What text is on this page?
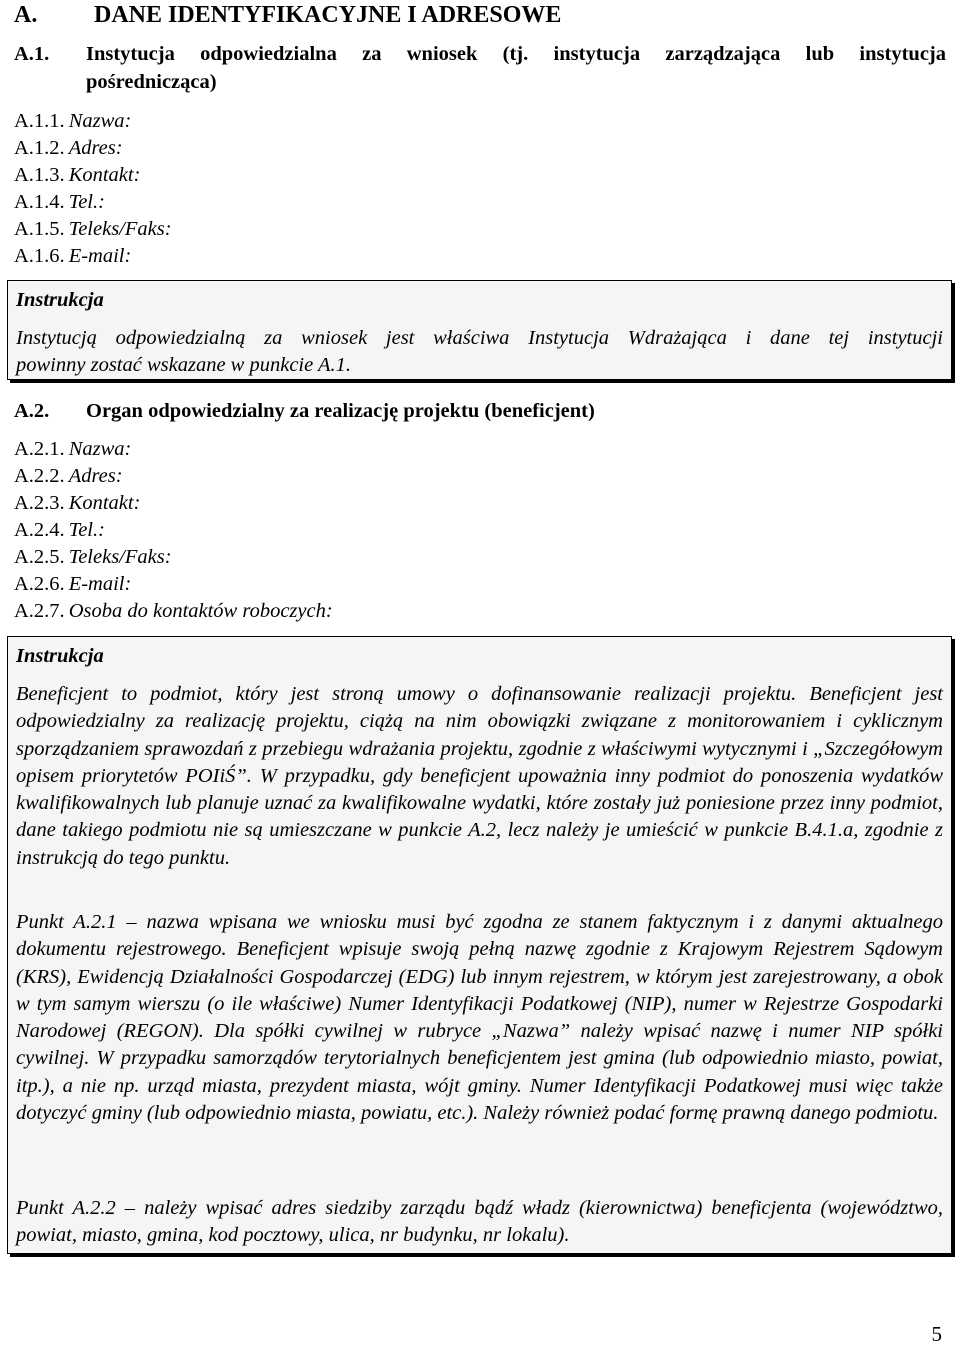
A. DANE IDENTYFIKACYJNE I ADRESOWE
A.1. Instytucja odpowiedzialna za wniosek (tj. instytucja zarządzająca lub instytucja
pośrednicząca)
A.1.1. Nazwa:
A.1.2. Adres:
A.1.3. Kontakt:
A.1.4. Tel.:
A.1.5. Teleks/Faks:
A.1.6. E-mail:
Instrukcja
Instytucją odpowiedzialną za wniosek jest właściwa Instytucja Wdrażająca i dane tej instytucji
powinny zostać wskazane w punkcie A.1.
A.2. Organ odpowiedzialny za realizację projektu (beneficjent)
A.2.1. Nazwa:
A.2.2. Adres:
A.2.3. Kontakt:
A.2.4. Tel.:
A.2.5. Teleks/Faks:
A.2.6. E-mail:
A.2.7. Osoba do kontaktów roboczych:
Instrukcja
Beneficjent to podmiot, który jest stroną umowy o dofinansowanie realizacji projektu. Beneficjent jest odpowiedzialny za realizację projektu, ciążą na nim obowiązki związane z monitorowaniem i cyklicznym sporządzaniem sprawozdań z przebiegu wdrażania projektu, zgodnie z właściwymi wytycznymi i „Szczegółowym opisem priorytetów POIiŚ”. W przypadku, gdy beneficjent upoważnia inny podmiot do ponoszenia wydatków kwalifikowalnych lub planuje uznać za kwalifikowalne wydatki, które zostały już poniesione przez inny podmiot, dane takiego podmiotu nie są umieszczane w punkcie A.2, lecz należy je umieścić w punkcie B.4.1.a, zgodnie z instrukcją do tego punktu.
Punkt A.2.1 – nazwa wpisana we wniosku musi być zgodna ze stanem faktycznym i z danymi aktualnego dokumentu rejestrowego. Beneficjent wpisuje swoją pełną nazwę zgodnie z Krajowym Rejestrem Sądowym (KRS), Ewidencją Działalności Gospodarczej (EDG) lub innym rejestrem, w którym jest zarejestrowany, a obok w tym samym wierszu (o ile właściwe) Numer Identyfikacji Podatkowej (NIP), numer w Rejestrze Gospodarki Narodowej (REGON). Dla spółki cywilnej w rubryce „Nazwa” należy wpisać nazwę i numer NIP spółki cywilnej. W przypadku samorządów terytorialnych beneficjentem jest gmina (lub odpowiednio miasto, powiat, itp.), a nie np. urząd miasta, prezydent miasta, wójt gminy. Numer Identyfikacji Podatkowej musi więc także dotyczyć gminy (lub odpowiednio miasta, powiatu, etc.). Należy również podać formę prawną danego podmiotu.
Punkt A.2.2 – należy wpisać adres siedziby zarządu bądź władz (kierownictwa) beneficjenta (województwo, powiat, miasto, gmina, kod pocztowy, ulica, nr budynku, nr lokalu).
5
